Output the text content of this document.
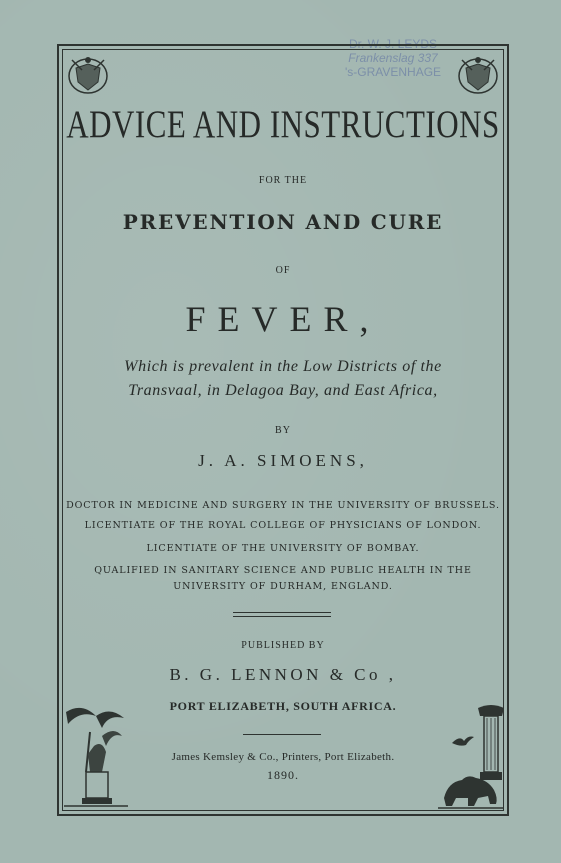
Dr. W. J. LEYDS
Frankenslag 337
's-GRAVENHAGE
ADVICE AND INSTRUCTIONS
FOR THE
PREVENTION AND CURE
OF
FEVER,
Which is prevalent in the Low Districts of the
Transvaal, in Delagoa Bay, and East Africa,
BY
J. A. SIMOENS,
DOCTOR IN MEDICINE AND SURGERY IN THE UNIVERSITY OF BRUSSELS.
LICENTIATE OF THE ROYAL COLLEGE OF PHYSICIANS OF LONDON.
LICENTIATE OF THE UNIVERSITY OF BOMBAY.
QUALIFIED IN SANITARY SCIENCE AND PUBLIC HEALTH IN THE
UNIVERSITY OF DURHAM, ENGLAND.
PUBLISHED BY
B. G. LENNON & Co ,
PORT ELIZABETH, SOUTH AFRICA.
James Kemsley & Co., Printers, Port Elizabeth.
1890.
